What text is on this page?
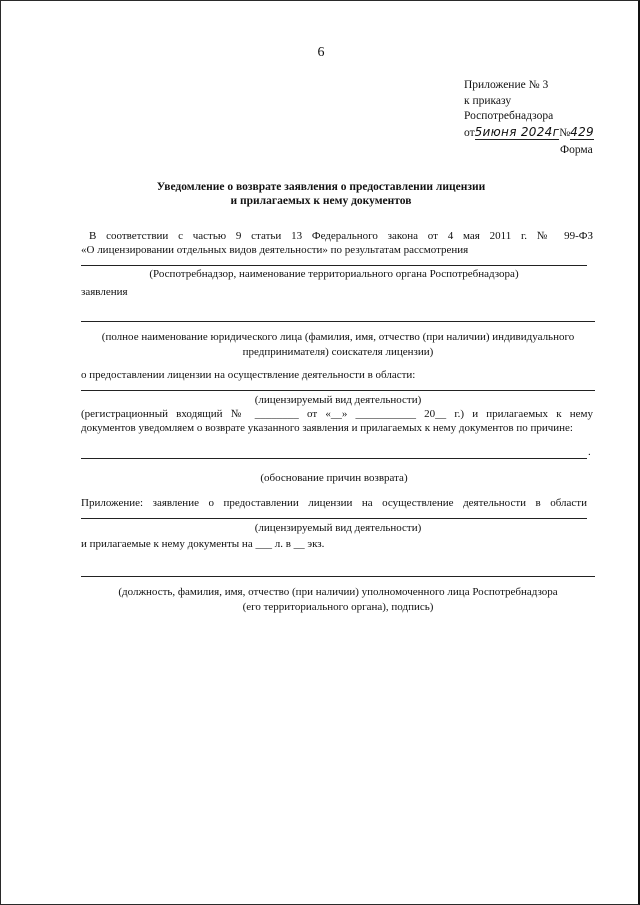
6
Приложение № 3
к приказу
Роспотребнадзора
от5июня 2024г№429
Форма
Уведомление о возврате заявления о предоставлении лицензии
и прилагаемых к нему документов
В соответствии с частью 9 статьи 13 Федерального закона от 4 мая 2011 г. № 99-ФЗ
«О лицензировании отдельных видов деятельности» по результатам рассмотрения
(Роспотребнадзор, наименование территориального органа Роспотребнадзора)
заявления
(полное наименование юридического лица (фамилия, имя, отчество (при наличии) индивидуального
предпринимателя) соискателя лицензии)
о предоставлении лицензии на осуществление деятельности в области:
(лицензируемый вид деятельности)
(регистрационный входящий № ________ от «__» ___________ 20__ г.) и прилагаемых к нему
документов уведомляем о возврате указанного заявления и прилагаемых к нему документов по причине:
.
(обоснование причин возврата)
Приложение: заявление о предоставлении лицензии на осуществление деятельности в области
(лицензируемый вид деятельности)
и прилагаемые к нему документы на ___ л. в __ экз.
(должность, фамилия, имя, отчество (при наличии) уполномоченного лица Роспотребнадзора
(его территориального органа), подпись)
